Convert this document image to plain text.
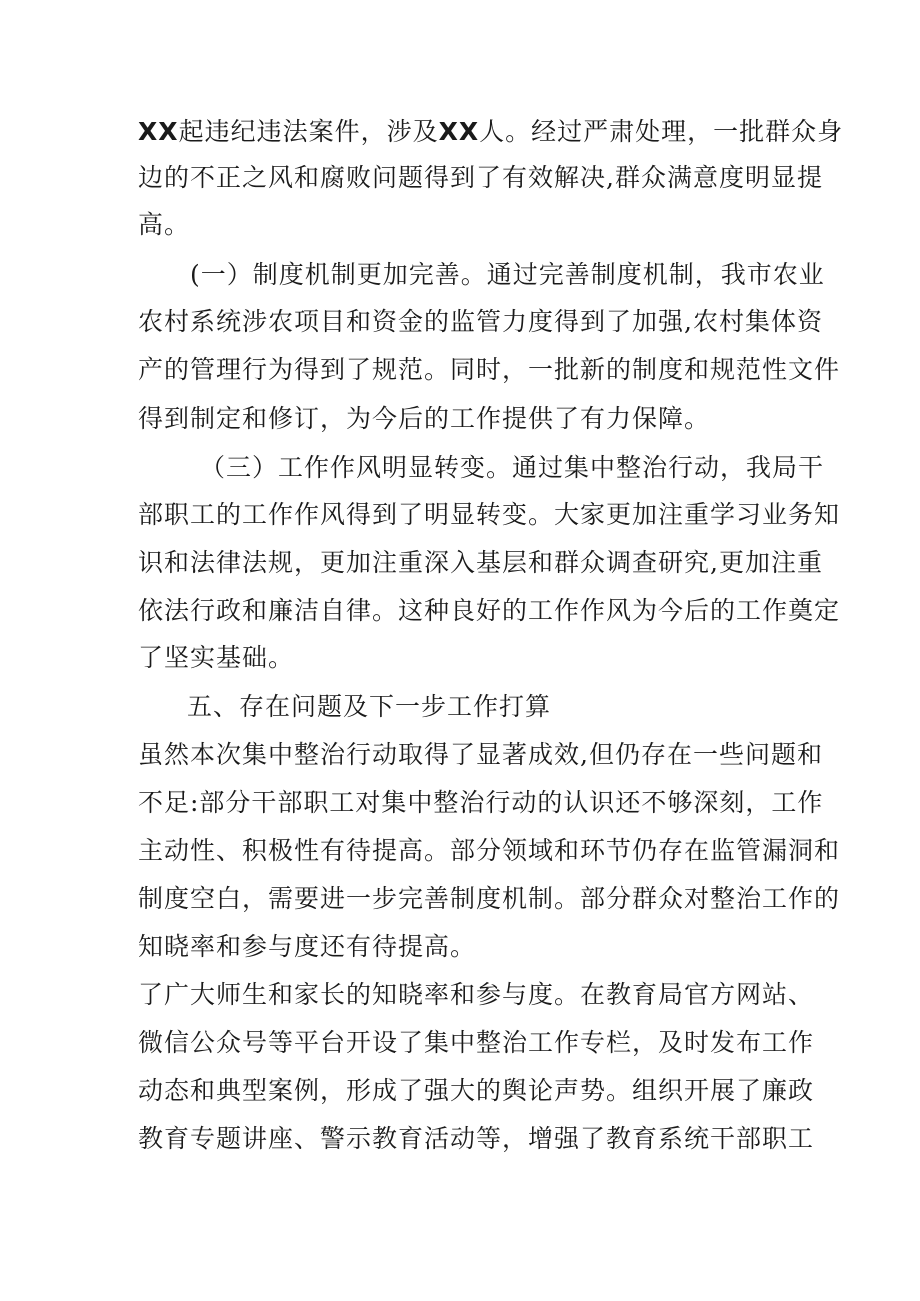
XX起违纪违法案件，涉及XX人。经过严肃处理，一批群众身
边的不正之风和腐败问题得到了有效解决,群众满意度明显提
高。
(一）制度机制更加完善。通过完善制度机制，我市农业
农村系统涉农项目和资金的监管力度得到了加强,农村集体资
产的管理行为得到了规范。同时，一批新的制度和规范性文件
得到制定和修订，为今后的工作提供了有力保障。
（三）工作作风明显转变。通过集中整治行动，我局干
部职工的工作作风得到了明显转变。大家更加注重学习业务知
识和法律法规，更加注重深入基层和群众调查研究,更加注重
依法行政和廉洁自律。这种良好的工作作风为今后的工作奠定
了坚实基础。
五、存在问题及下一步工作打算
虽然本次集中整治行动取得了显著成效,但仍存在一些问题和
不足:部分干部职工对集中整治行动的认识还不够深刻，工作
主动性、积极性有待提高。部分领域和环节仍存在监管漏洞和
制度空白，需要进一步完善制度机制。部分群众对整治工作的
知晓率和参与度还有待提高。
了广大师生和家长的知晓率和参与度。在教育局官方网站、
微信公众号等平台开设了集中整治工作专栏，及时发布工作
动态和典型案例，形成了强大的舆论声势。组织开展了廉政
教育专题讲座、警示教育活动等，增强了教育系统干部职工
